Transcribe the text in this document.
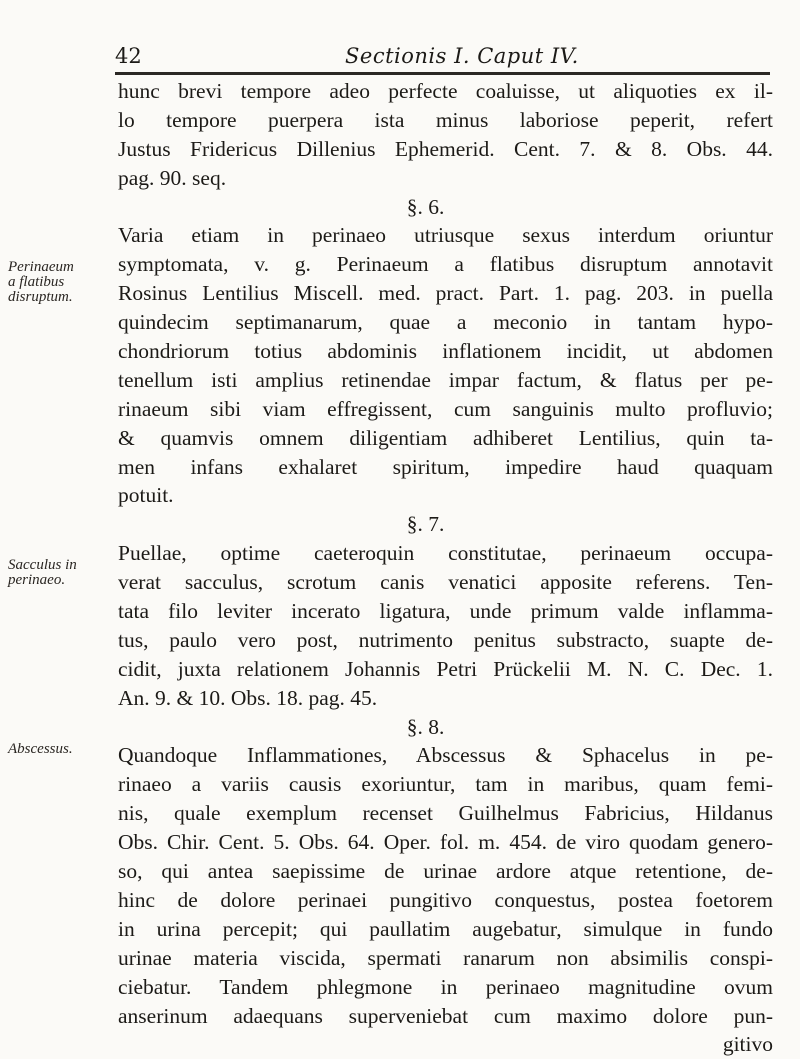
42	Sectionis I. Caput IV.
Perinaeum
a flatibus
disruptum.
Sacculus in
perinaeo.
Abscessus.
hunc brevi tempore adeo perfecte coaluisse, ut aliquoties ex il-
lo tempore puerpera ista minus laboriose peperit, refert
Justus Fridericus Dillenius Ephemerid. Cent. 7. & 8. Obs. 44.
pag. 90. seq.
§. 6.
Varia etiam in perinaeo utriusque sexus interdum oriuntur
symptomata, v. g. Perinaeum a flatibus disruptum annotavit
Rosinus Lentilius Miscell. med. pract. Part. 1. pag. 203. in puella
quindecim septimanarum, quae a meconio in tantam hypo-
chondriorum totius abdominis inflationem incidit, ut abdomen
tenellum isti amplius retinendae impar factum, & flatus per pe-
rinaeum sibi viam effregissent, cum sanguinis multo profluvio;
& quamvis omnem diligentiam adhiberet Lentilius, quin ta-
men infans exhalaret spiritum, impedire haud quaquam
potuit.
§. 7.
Puellae, optime caeteroquin constitutae, perinaeum occupa-
verat sacculus, scrotum canis venatici apposite referens. Ten-
tata filo leviter incerato ligatura, unde primum valde inflamma-
tus, paulo vero post, nutrimento penitus substracto, suapte de-
cidit, juxta relationem Johannis Petri Prückelii M. N. C. Dec. 1.
An. 9. & 10. Obs. 18. pag. 45.
§. 8.
Quandoque Inflammationes, Abscessus & Sphacelus in pe-
rinaeo a variis causis exoriuntur, tam in maribus, quam femi-
nis, quale exemplum recenset Guilhelmus Fabricius, Hildanus
Obs. Chir. Cent. 5. Obs. 64. Oper. fol. m. 454. de viro quodam genero-
so, qui antea saepissime de urinae ardore atque retentione, de-
hinc de dolore perinaei pungitivo conquestus, postea foetorem
in urina percepit; qui paullatim augebatur, simulque in fundo
urinae materia viscida, spermati ranarum non absimilis conspi-
ciebatur. Tandem phlegmone in perinaeo magnitudine ovum
anserinum adaequans superveniebat cum maximo dolore pun-
gitivo
